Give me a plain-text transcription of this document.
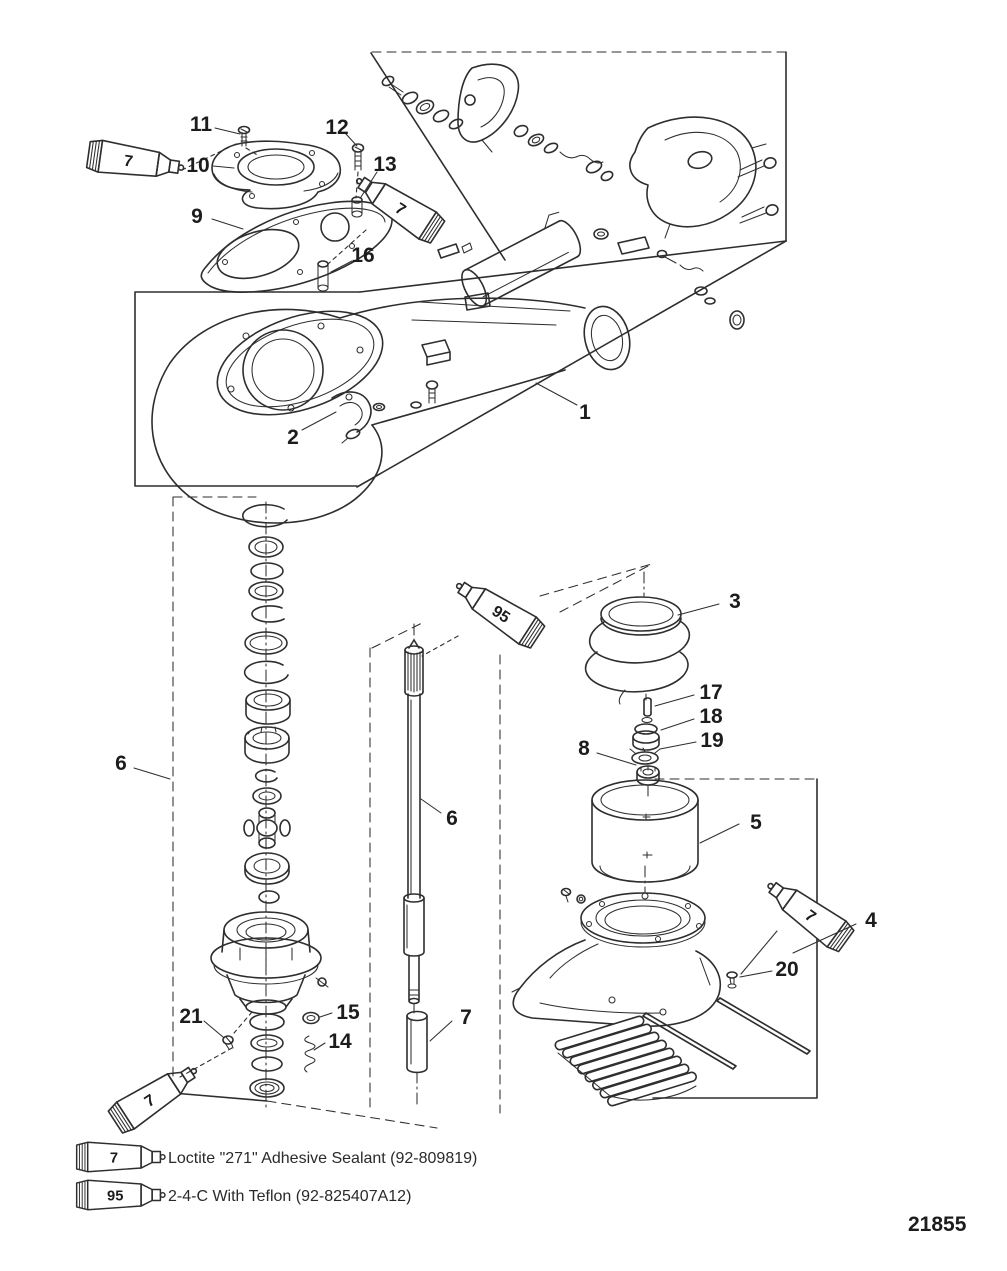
7
7
95
7
7
11	12
10	13
9
16
1
2
6
6
3
17
18
19
8
5
4
20
21	15
14
7
7	Loctite "271" Adhesive Sealant (92-809819)
95	2-4-C With Teflon (92-825407A12)
21855
